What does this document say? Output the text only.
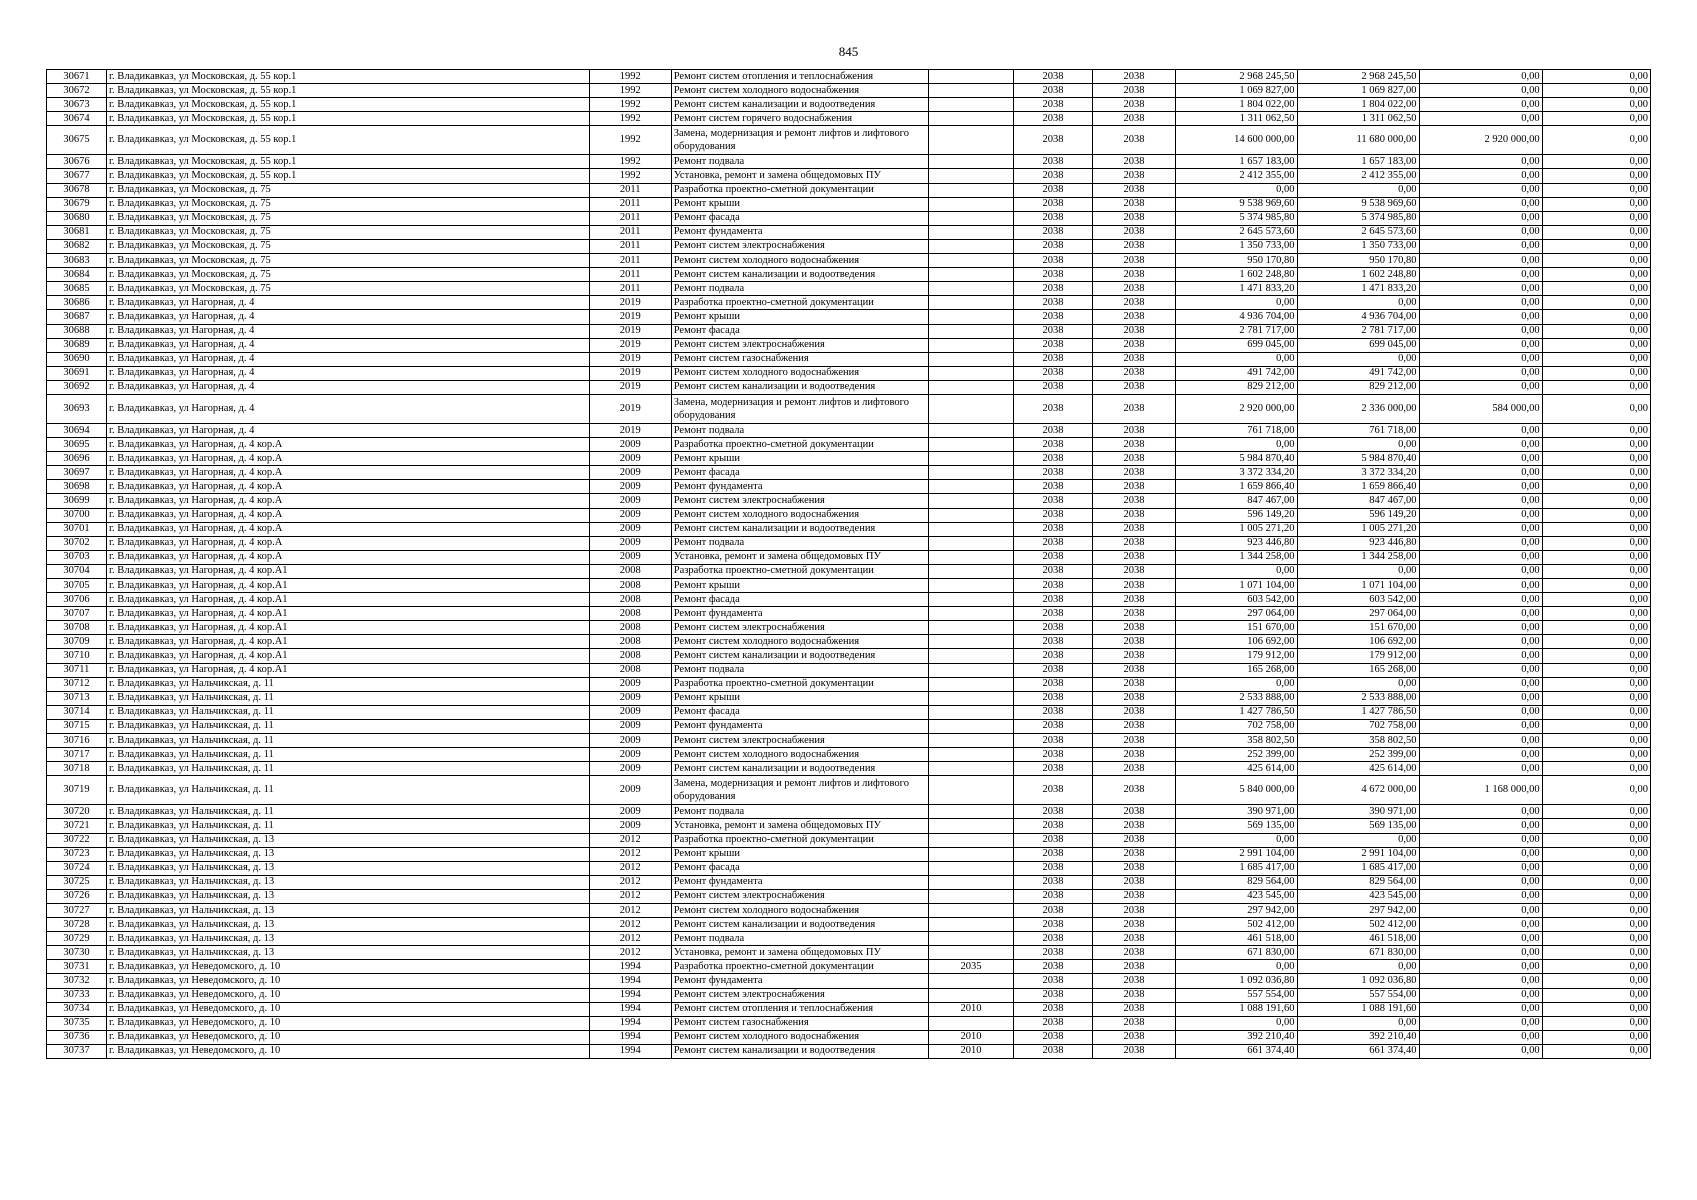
845
30671	г. Владикавказ, ул Московская, д. 55 кор.1	1992	Ремонт систем отопления и теплоснабжения		2038	2038	2 968 245,50	2 968 245,50	0,00	0,00
30672	г. Владикавказ, ул Московская, д. 55 кор.1	1992	Ремонт систем холодного водоснабжения		2038	2038	1 069 827,00	1 069 827,00	0,00	0,00
30673	г. Владикавказ, ул Московская, д. 55 кор.1	1992	Ремонт систем канализации и водоотведения		2038	2038	1 804 022,00	1 804 022,00	0,00	0,00
30674	г. Владикавказ, ул Московская, д. 55 кор.1	1992	Ремонт систем горячего водоснабжения		2038	2038	1 311 062,50	1 311 062,50	0,00	0,00
30675	г. Владикавказ, ул Московская, д. 55 кор.1	1992	Замена, модернизация и ремонт лифтов и лифтового оборудования		2038	2038	14 600 000,00	11 680 000,00	2 920 000,00	0,00
30676	г. Владикавказ, ул Московская, д. 55 кор.1	1992	Ремонт подвала		2038	2038	1 657 183,00	1 657 183,00	0,00	0,00
30677	г. Владикавказ, ул Московская, д. 55 кор.1	1992	Установка, ремонт и замена общедомовых ПУ		2038	2038	2 412 355,00	2 412 355,00	0,00	0,00
30678	г. Владикавказ, ул Московская, д. 75	2011	Разработка проектно-сметной документации		2038	2038	0,00	0,00	0,00	0,00
30679	г. Владикавказ, ул Московская, д. 75	2011	Ремонт крыши		2038	2038	9 538 969,60	9 538 969,60	0,00	0,00
30680	г. Владикавказ, ул Московская, д. 75	2011	Ремонт фасада		2038	2038	5 374 985,80	5 374 985,80	0,00	0,00
30681	г. Владикавказ, ул Московская, д. 75	2011	Ремонт фундамента		2038	2038	2 645 573,60	2 645 573,60	0,00	0,00
30682	г. Владикавказ, ул Московская, д. 75	2011	Ремонт систем электроснабжения		2038	2038	1 350 733,00	1 350 733,00	0,00	0,00
30683	г. Владикавказ, ул Московская, д. 75	2011	Ремонт систем холодного водоснабжения		2038	2038	950 170,80	950 170,80	0,00	0,00
30684	г. Владикавказ, ул Московская, д. 75	2011	Ремонт систем канализации и водоотведения		2038	2038	1 602 248,80	1 602 248,80	0,00	0,00
30685	г. Владикавказ, ул Московская, д. 75	2011	Ремонт подвала		2038	2038	1 471 833,20	1 471 833,20	0,00	0,00
30686	г. Владикавказ, ул Нагорная, д. 4	2019	Разработка проектно-сметной документации		2038	2038	0,00	0,00	0,00	0,00
30687	г. Владикавказ, ул Нагорная, д. 4	2019	Ремонт крыши		2038	2038	4 936 704,00	4 936 704,00	0,00	0,00
30688	г. Владикавказ, ул Нагорная, д. 4	2019	Ремонт фасада		2038	2038	2 781 717,00	2 781 717,00	0,00	0,00
30689	г. Владикавказ, ул Нагорная, д. 4	2019	Ремонт систем электроснабжения		2038	2038	699 045,00	699 045,00	0,00	0,00
30690	г. Владикавказ, ул Нагорная, д. 4	2019	Ремонт систем газоснабжения		2038	2038	0,00	0,00	0,00	0,00
30691	г. Владикавказ, ул Нагорная, д. 4	2019	Ремонт систем холодного водоснабжения		2038	2038	491 742,00	491 742,00	0,00	0,00
30692	г. Владикавказ, ул Нагорная, д. 4	2019	Ремонт систем канализации и водоотведения		2038	2038	829 212,00	829 212,00	0,00	0,00
30693	г. Владикавказ, ул Нагорная, д. 4	2019	Замена, модернизация и ремонт лифтов и лифтового оборудования		2038	2038	2 920 000,00	2 336 000,00	584 000,00	0,00
30694	г. Владикавказ, ул Нагорная, д. 4	2019	Ремонт подвала		2038	2038	761 718,00	761 718,00	0,00	0,00
30695	г. Владикавказ, ул Нагорная, д. 4 кор.А	2009	Разработка проектно-сметной документации		2038	2038	0,00	0,00	0,00	0,00
30696	г. Владикавказ, ул Нагорная, д. 4 кор.А	2009	Ремонт крыши		2038	2038	5 984 870,40	5 984 870,40	0,00	0,00
30697	г. Владикавказ, ул Нагорная, д. 4 кор.А	2009	Ремонт фасада		2038	2038	3 372 334,20	3 372 334,20	0,00	0,00
30698	г. Владикавказ, ул Нагорная, д. 4 кор.А	2009	Ремонт фундамента		2038	2038	1 659 866,40	1 659 866,40	0,00	0,00
30699	г. Владикавказ, ул Нагорная, д. 4 кор.А	2009	Ремонт систем электроснабжения		2038	2038	847 467,00	847 467,00	0,00	0,00
30700	г. Владикавказ, ул Нагорная, д. 4 кор.А	2009	Ремонт систем холодного водоснабжения		2038	2038	596 149,20	596 149,20	0,00	0,00
30701	г. Владикавказ, ул Нагорная, д. 4 кор.А	2009	Ремонт систем канализации и водоотведения		2038	2038	1 005 271,20	1 005 271,20	0,00	0,00
30702	г. Владикавказ, ул Нагорная, д. 4 кор.А	2009	Ремонт подвала		2038	2038	923 446,80	923 446,80	0,00	0,00
30703	г. Владикавказ, ул Нагорная, д. 4 кор.А	2009	Установка, ремонт и замена общедомовых ПУ		2038	2038	1 344 258,00	1 344 258,00	0,00	0,00
30704	г. Владикавказ, ул Нагорная, д. 4 кор.А1	2008	Разработка проектно-сметной документации		2038	2038	0,00	0,00	0,00	0,00
30705	г. Владикавказ, ул Нагорная, д. 4 кор.А1	2008	Ремонт крыши		2038	2038	1 071 104,00	1 071 104,00	0,00	0,00
30706	г. Владикавказ, ул Нагорная, д. 4 кор.А1	2008	Ремонт фасада		2038	2038	603 542,00	603 542,00	0,00	0,00
30707	г. Владикавказ, ул Нагорная, д. 4 кор.А1	2008	Ремонт фундамента		2038	2038	297 064,00	297 064,00	0,00	0,00
30708	г. Владикавказ, ул Нагорная, д. 4 кор.А1	2008	Ремонт систем электроснабжения		2038	2038	151 670,00	151 670,00	0,00	0,00
30709	г. Владикавказ, ул Нагорная, д. 4 кор.А1	2008	Ремонт систем холодного водоснабжения		2038	2038	106 692,00	106 692,00	0,00	0,00
30710	г. Владикавказ, ул Нагорная, д. 4 кор.А1	2008	Ремонт систем канализации и водоотведения		2038	2038	179 912,00	179 912,00	0,00	0,00
30711	г. Владикавказ, ул Нагорная, д. 4 кор.А1	2008	Ремонт подвала		2038	2038	165 268,00	165 268,00	0,00	0,00
30712	г. Владикавказ, ул Нальчикская, д. 11	2009	Разработка проектно-сметной документации		2038	2038	0,00	0,00	0,00	0,00
30713	г. Владикавказ, ул Нальчикская, д. 11	2009	Ремонт крыши		2038	2038	2 533 888,00	2 533 888,00	0,00	0,00
30714	г. Владикавказ, ул Нальчикская, д. 11	2009	Ремонт фасада		2038	2038	1 427 786,50	1 427 786,50	0,00	0,00
30715	г. Владикавказ, ул Нальчикская, д. 11	2009	Ремонт фундамента		2038	2038	702 758,00	702 758,00	0,00	0,00
30716	г. Владикавказ, ул Нальчикская, д. 11	2009	Ремонт систем электроснабжения		2038	2038	358 802,50	358 802,50	0,00	0,00
30717	г. Владикавказ, ул Нальчикская, д. 11	2009	Ремонт систем холодного водоснабжения		2038	2038	252 399,00	252 399,00	0,00	0,00
30718	г. Владикавказ, ул Нальчикская, д. 11	2009	Ремонт систем канализации и водоотведения		2038	2038	425 614,00	425 614,00	0,00	0,00
30719	г. Владикавказ, ул Нальчикская, д. 11	2009	Замена, модернизация и ремонт лифтов и лифтового оборудования		2038	2038	5 840 000,00	4 672 000,00	1 168 000,00	0,00
30720	г. Владикавказ, ул Нальчикская, д. 11	2009	Ремонт подвала		2038	2038	390 971,00	390 971,00	0,00	0,00
30721	г. Владикавказ, ул Нальчикская, д. 11	2009	Установка, ремонт и замена общедомовых ПУ		2038	2038	569 135,00	569 135,00	0,00	0,00
30722	г. Владикавказ, ул Нальчикская, д. 13	2012	Разработка проектно-сметной документации		2038	2038	0,00	0,00	0,00	0,00
30723	г. Владикавказ, ул Нальчикская, д. 13	2012	Ремонт крыши		2038	2038	2 991 104,00	2 991 104,00	0,00	0,00
30724	г. Владикавказ, ул Нальчикская, д. 13	2012	Ремонт фасада		2038	2038	1 685 417,00	1 685 417,00	0,00	0,00
30725	г. Владикавказ, ул Нальчикская, д. 13	2012	Ремонт фундамента		2038	2038	829 564,00	829 564,00	0,00	0,00
30726	г. Владикавказ, ул Нальчикская, д. 13	2012	Ремонт систем электроснабжения		2038	2038	423 545,00	423 545,00	0,00	0,00
30727	г. Владикавказ, ул Нальчикская, д. 13	2012	Ремонт систем холодного водоснабжения		2038	2038	297 942,00	297 942,00	0,00	0,00
30728	г. Владикавказ, ул Нальчикская, д. 13	2012	Ремонт систем канализации и водоотведения		2038	2038	502 412,00	502 412,00	0,00	0,00
30729	г. Владикавказ, ул Нальчикская, д. 13	2012	Ремонт подвала		2038	2038	461 518,00	461 518,00	0,00	0,00
30730	г. Владикавказ, ул Нальчикская, д. 13	2012	Установка, ремонт и замена общедомовых ПУ		2038	2038	671 830,00	671 830,00	0,00	0,00
30731	г. Владикавказ, ул Неведомского, д. 10	1994	Разработка проектно-сметной документации	2035	2038	2038	0,00	0,00	0,00	0,00
30732	г. Владикавказ, ул Неведомского, д. 10	1994	Ремонт фундамента		2038	2038	1 092 036,80	1 092 036,80	0,00	0,00
30733	г. Владикавказ, ул Неведомского, д. 10	1994	Ремонт систем электроснабжения		2038	2038	557 554,00	557 554,00	0,00	0,00
30734	г. Владикавказ, ул Неведомского, д. 10	1994	Ремонт систем отопления и теплоснабжения	2010	2038	2038	1 088 191,60	1 088 191,60	0,00	0,00
30735	г. Владикавказ, ул Неведомского, д. 10	1994	Ремонт систем газоснабжения		2038	2038	0,00	0,00	0,00	0,00
30736	г. Владикавказ, ул Неведомского, д. 10	1994	Ремонт систем холодного водоснабжения	2010	2038	2038	392 210,40	392 210,40	0,00	0,00
30737	г. Владикавказ, ул Неведомского, д. 10	1994	Ремонт систем канализации и водоотведения	2010	2038	2038	661 374,40	661 374,40	0,00	0,00
